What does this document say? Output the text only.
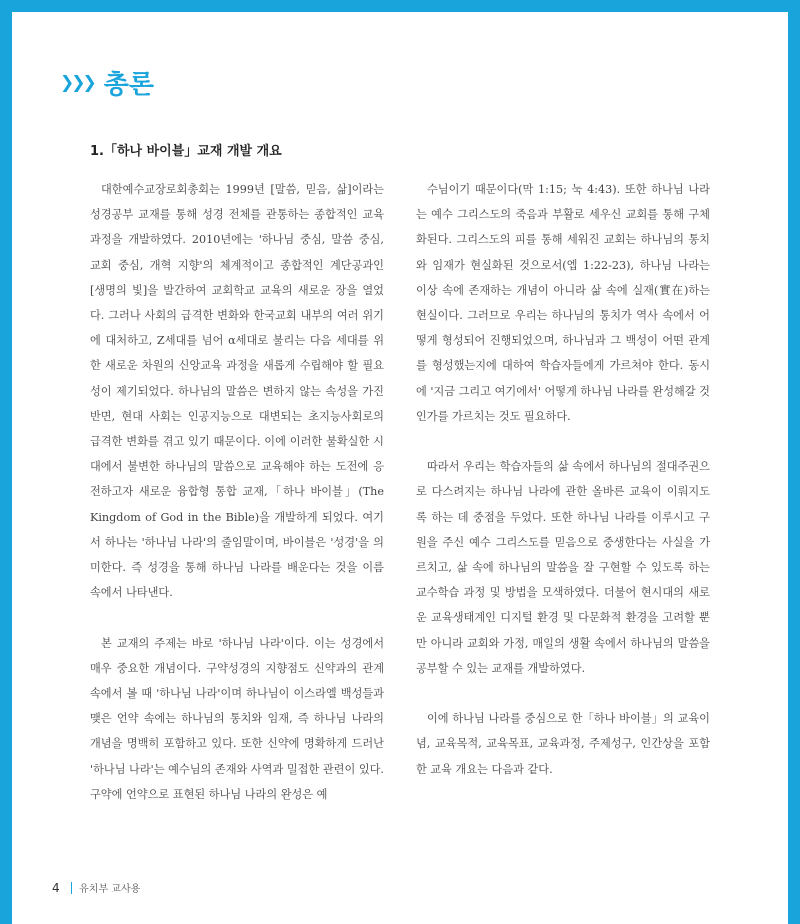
❯❯❯ 총론
1.「하나 바이블」교재 개발 개요

대한예수교장로회총회는 1999년 [말씀, 믿음, 삶]이라는 성경공부 교재를 통해 성경 전체를 관통하는 종합적인 교육과정을 개발하였다. 2010년에는 '하나님 중심, 말씀 중심, 교회 중심, 개혁 지향'의 체계적이고 종합적인 계단공과인 [생명의 빛]을 발간하여 교회학교 교육의 새로운 장을 열었다. 그러나 사회의 급격한 변화와 한국교회 내부의 여러 위기에 대처하고, Z세대를 넘어 α세대로 불리는 다음 세대를 위한 새로운 차원의 신앙교육 과정을 새롭게 수립해야 할 필요성이 제기되었다. 하나님의 말씀은 변하지 않는 속성을 가진 반면, 현대 사회는 인공지능으로 대변되는 초지능사회로의 급격한 변화를 겪고 있기 때문이다. 이에 이러한 불확실한 시대에서 불변한 하나님의 말씀으로 교육해야 하는 도전에 응전하고자 새로운 융합형 통합 교재,「하나 바이블」(The Kingdom of God in the Bible)을 개발하게 되었다. 여기서 하나는 '하나님 나라'의 줄임말이며, 바이블은 '성경'을 의미한다. 즉 성경을 통해 하나님 나라를 배운다는 것을 이름 속에서 나타낸다.

본 교재의 주제는 바로 '하나님 나라'이다. 이는 성경에서 매우 중요한 개념이다. 구약성경의 지향점도 신약과의 관계 속에서 볼 때 '하나님 나라'이며 하나님이 이스라엘 백성들과 맺은 언약 속에는 하나님의 통치와 임재, 즉 하나님 나라의 개념을 명백히 포함하고 있다. 또한 신약에 명확하게 드러난 '하나님 나라'는 예수님의 존재와 사역과 밀접한 관련이 있다. 구약에 언약으로 표현된 하나님 나라의 완성은 예

수님이기 때문이다(막 1:15; 눅 4:43). 또한 하나님 나라는 예수 그리스도의 죽음과 부활로 세우신 교회를 통해 구체화된다. 그리스도의 피를 통해 세워진 교회는 하나님의 통치와 임재가 현실화된 것으로서(엡 1:22-23), 하나님 나라는 이상 속에 존재하는 개념이 아니라 삶 속에 실재(實在)하는 현실이다. 그러므로 우리는 하나님의 통치가 역사 속에서 어떻게 형성되어 진행되었으며, 하나님과 그 백성이 어떤 관계를 형성했는지에 대하여 학습자들에게 가르쳐야 한다. 동시에 '지금 그리고 여기에서' 어떻게 하나님 나라를 완성해갈 것인가를 가르치는 것도 필요하다.

따라서 우리는 학습자들의 삶 속에서 하나님의 절대주권으로 다스려지는 하나님 나라에 관한 올바른 교육이 이뤄지도록 하는 데 중점을 두었다. 또한 하나님 나라를 이루시고 구원을 주신 예수 그리스도를 믿음으로 중생한다는 사실을 가르치고, 삶 속에 하나님의 말씀을 잘 구현할 수 있도록 하는 교수학습 과정 및 방법을 모색하였다. 더불어 현시대의 새로운 교육생태계인 디지털 환경 및 다문화적 환경을 고려할 뿐만 아니라 교회와 가정, 매일의 생활 속에서 하나님의 말씀을 공부할 수 있는 교재를 개발하였다.

이에 하나님 나라를 중심으로 한「하나 바이블」의 교육이념, 교육목적, 교육목표, 교육과정, 주제성구, 인간상을 포함한 교육 개요는 다음과 같다.

4 유치부 교사용
